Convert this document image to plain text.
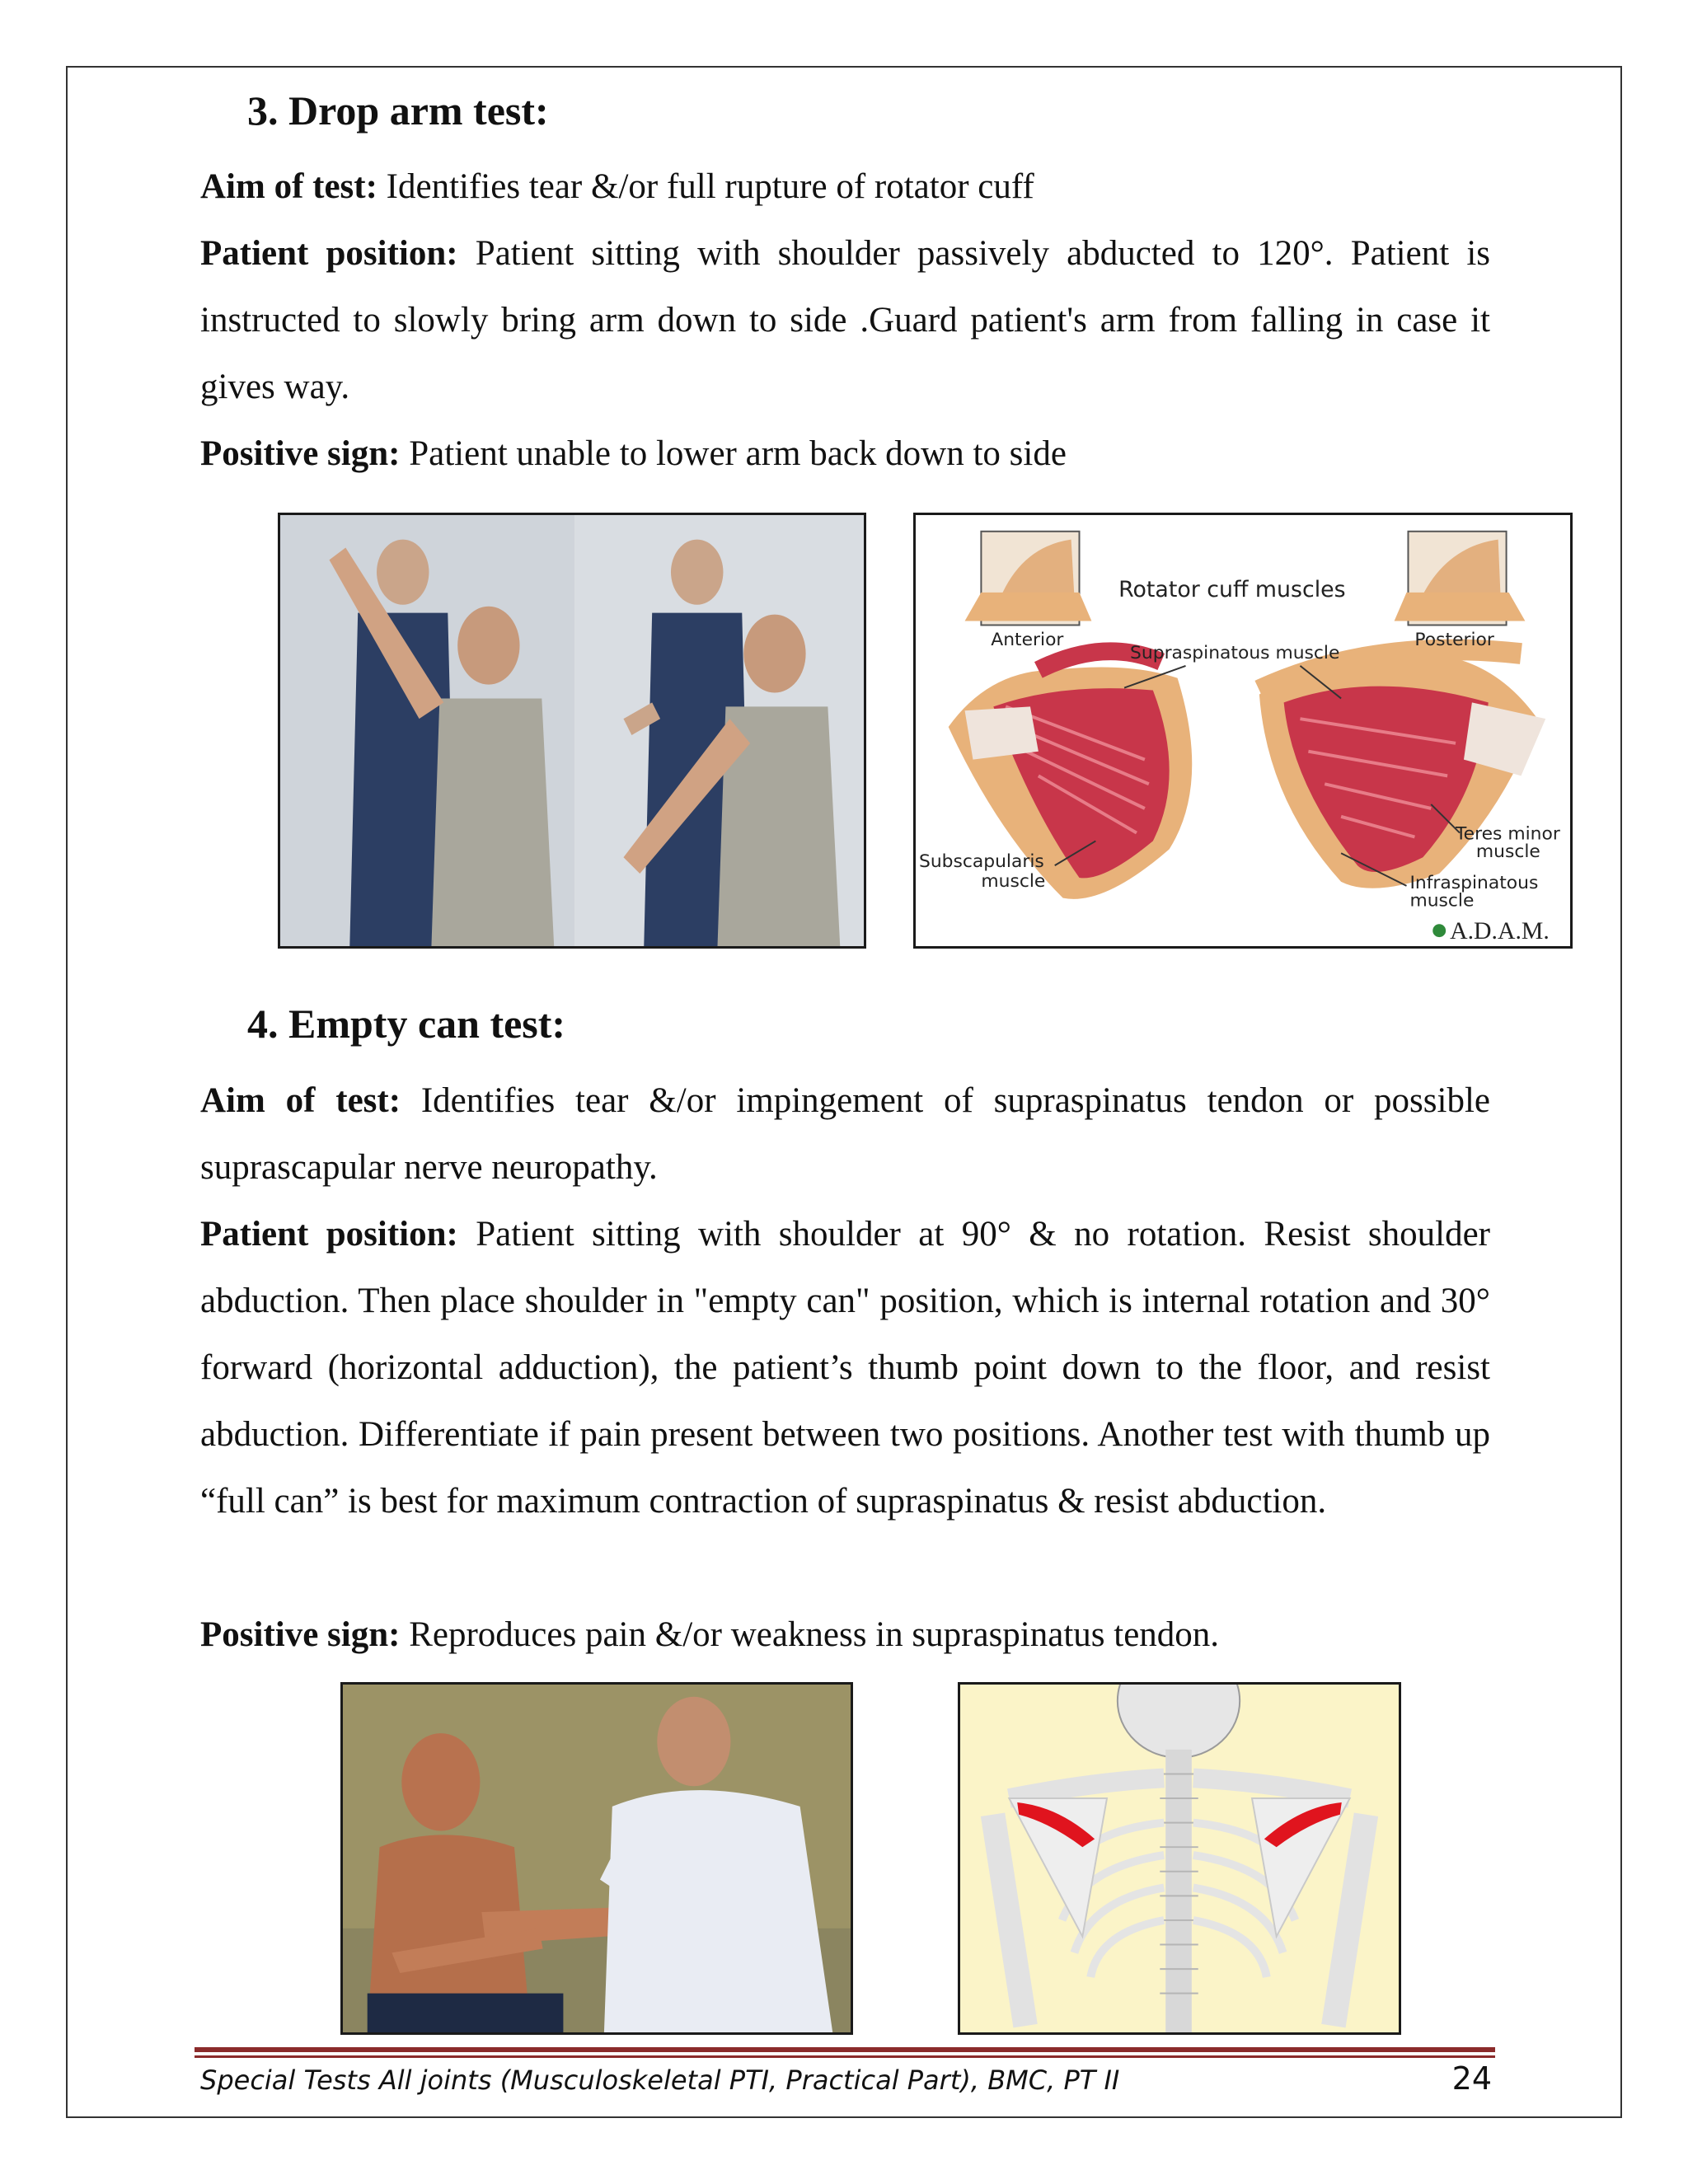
3. Drop arm test:
Aim of test: Identifies tear &/or full rupture of rotator cuff
Patient position: Patient sitting with shoulder passively abducted to 120°. Patient is instructed to slowly bring arm down to side .Guard patient's arm from falling in case it gives way.
Positive sign: Patient unable to lower arm back down to side
Rotator cuff muscles
Anterior	Posterior
Supraspinatous muscle
Subscapularis
muscle
Teres minor
muscle
Infraspinatous
muscle
A.D.A.M.
4. Empty can test:
Aim of test: Identifies tear &/or impingement of supraspinatus tendon or possible suprascapular nerve neuropathy.
Patient position: Patient sitting with shoulder at 90° & no rotation. Resist shoulder abduction. Then place shoulder in "empty can" position, which is internal rotation and 30° forward (horizontal adduction), the patient’s thumb point down to the floor, and resist abduction. Differentiate if pain present between two positions. Another test with thumb up “full can” is best for maximum contraction of supraspinatus & resist abduction.
Positive sign: Reproduces pain &/or weakness in supraspinatus tendon.
Special Tests All joints (Musculoskeletal PTI, Practical Part), BMC, PT II	24
